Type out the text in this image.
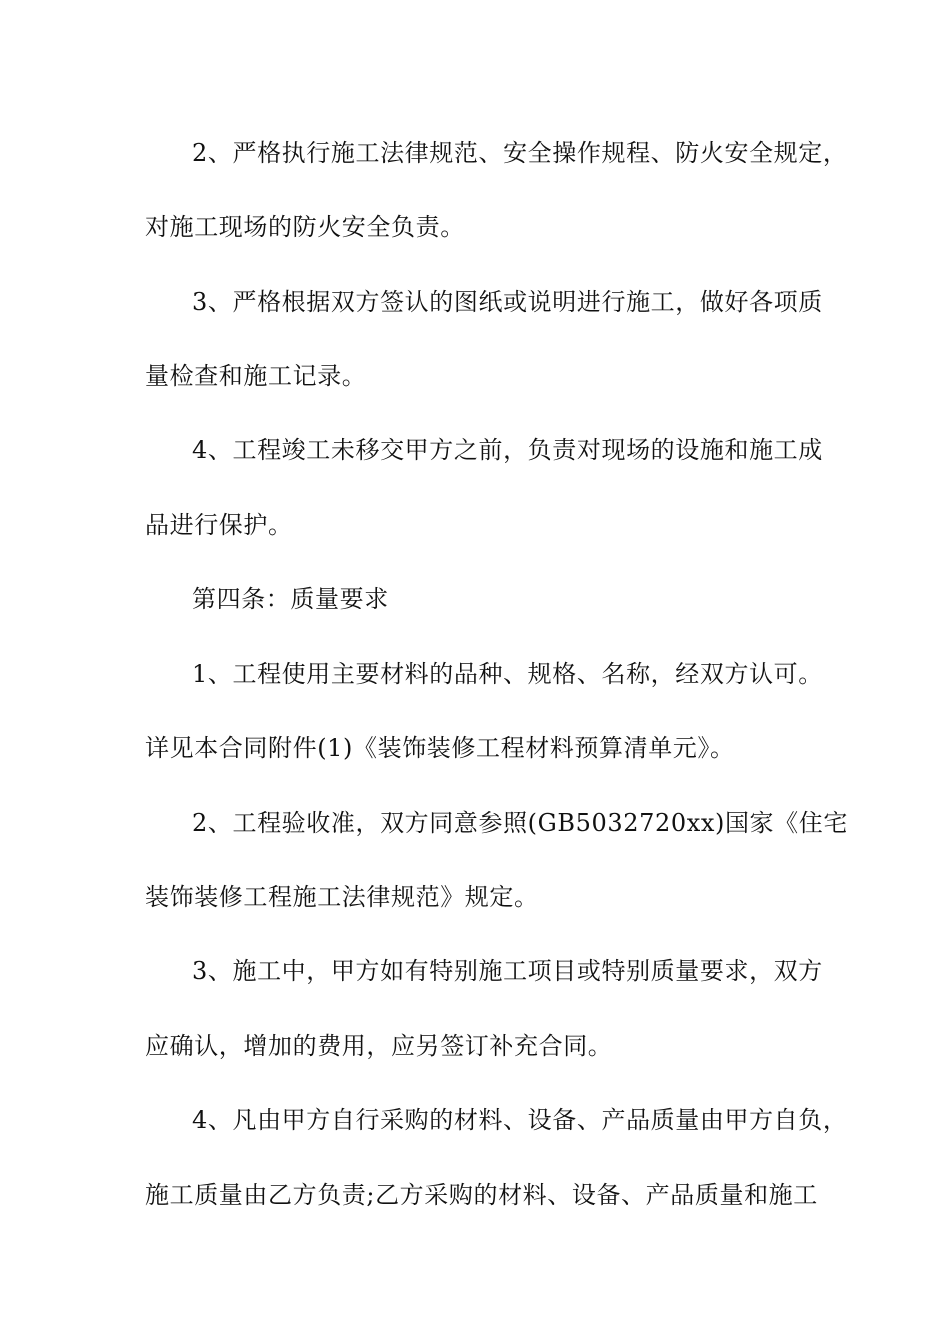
2、严格执行施工法律规范、安全操作规程、防火安全规定，
对施工现场的防火安全负责。
3、严格根据双方签认的图纸或说明进行施工，做好各项质
量检查和施工记录。
4、工程竣工未移交甲方之前，负责对现场的设施和施工成
品进行保护。
第四条：质量要求
1、工程使用主要材料的品种、规格、名称，经双方认可。
详见本合同附件(1)《装饰装修工程材料预算清单元》。
2、工程验收准，双方同意参照(GB5032720xx)国家《住宅
装饰装修工程施工法律规范》规定。
3、施工中，甲方如有特别施工项目或特别质量要求，双方
应确认，增加的费用，应另签订补充合同。
4、凡由甲方自行采购的材料、设备、产品质量由甲方自负，
施工质量由乙方负责;乙方采购的材料、设备、产品质量和施工
